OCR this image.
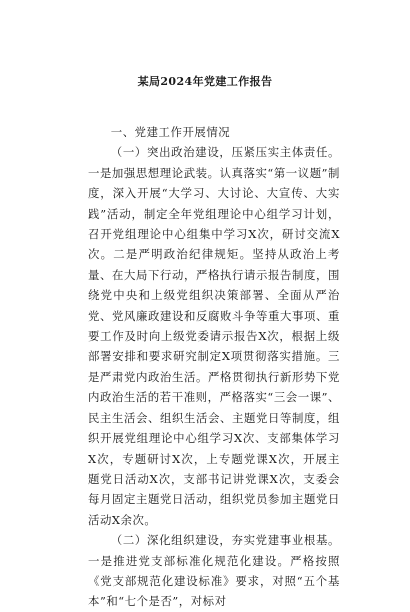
某局2024年党建工作报告

一、党建工作开展情况

（一）突出政治建设，压紧压实主体责任。一是加强思想理论武装。认真落实“第一议题”制度，深入开展“大学习、大讨论、大宣传、大实践”活动，制定全年党组理论中心组学习计划，召开党组理论中心组集中学习X次，研讨交流X次。二是严明政治纪律规矩。坚持从政治上考量、在大局下行动，严格执行请示报告制度，围绕党中央和上级党组织决策部署、全面从严治党、党风廉政建设和反腐败斗争等重大事项、重要工作及时向上级党委请示报告X次，根据上级部署安排和要求研究制定X项贯彻落实措施。三是严肃党内政治生活。严格贯彻执行新形势下党内政治生活的若干准则，严格落实“三会一课”、民主生活会、组织生活会、主题党日等制度，组织开展党组理论中心组学习X次、支部集体学习X次，专题研讨X次，上专题党课X次，开展主题党日活动X次，支部书记讲党课X次，支委会每月固定主题党日活动，组织党员参加主题党日活动X余次。

（二）深化组织建设，夯实党建事业根基。一是推进党支部标准化规范化建设。严格按照《党支部规范化建设标准》要求，对照“五个基本”和“七个是否”，对标对
